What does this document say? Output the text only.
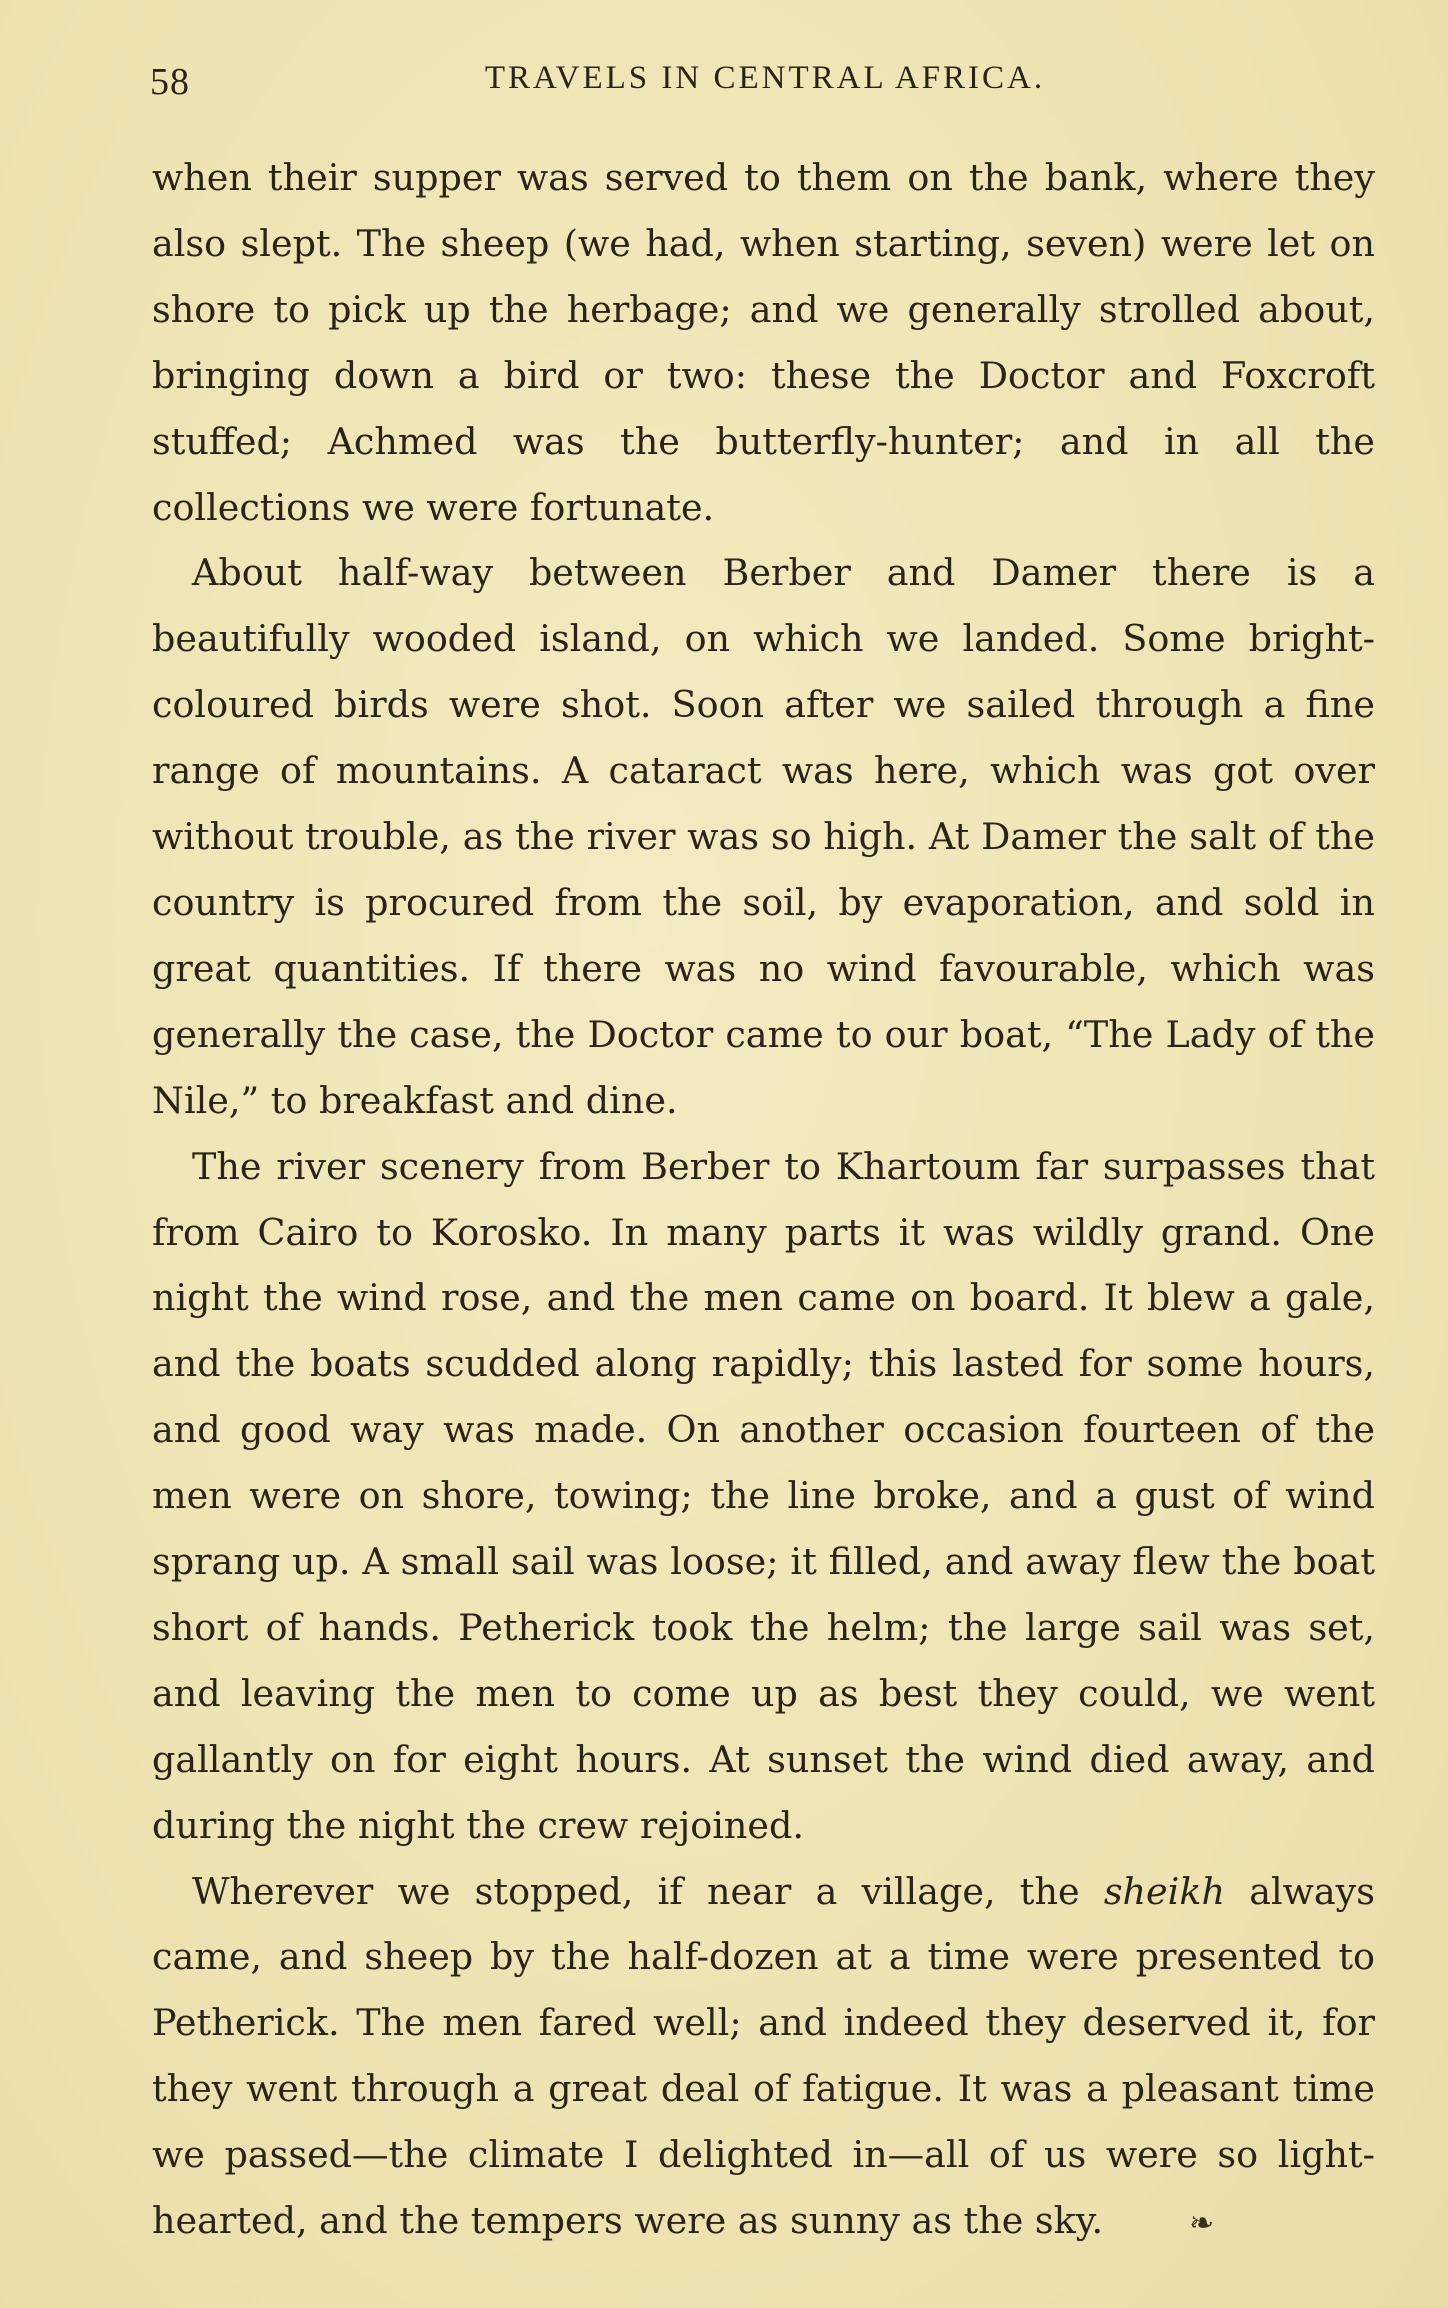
58	TRAVELS IN CENTRAL AFRICA.

when their supper was served to them on the bank, where they also slept. The sheep (we had, when starting, seven) were let on shore to pick up the herbage; and we generally strolled about, bringing down a bird or two: these the Doctor and Foxcroft stuffed; Achmed was the butterfly-hunter; and in all the collections we were fortunate.

About half-way between Berber and Damer there is a beautifully wooded island, on which we landed. Some bright-coloured birds were shot. Soon after we sailed through a fine range of mountains. A cataract was here, which was got over without trouble, as the river was so high. At Damer the salt of the country is procured from the soil, by evaporation, and sold in great quantities. If there was no wind favourable, which was generally the case, the Doctor came to our boat, “The Lady of the Nile,” to breakfast and dine.

The river scenery from Berber to Khartoum far surpasses that from Cairo to Korosko. In many parts it was wildly grand. One night the wind rose, and the men came on board. It blew a gale, and the boats scudded along rapidly; this lasted for some hours, and good way was made. On another occasion fourteen of the men were on shore, towing; the line broke, and a gust of wind sprang up. A small sail was loose; it filled, and away flew the boat short of hands. Petherick took the helm; the large sail was set, and leaving the men to come up as best they could, we went gallantly on for eight hours. At sunset the wind died away, and during the night the crew rejoined.

Wherever we stopped, if near a village, the sheikh always came, and sheep by the half-dozen at a time were presented to Petherick. The men fared well; and indeed they deserved it, for they went through a great deal of fatigue. It was a pleasant time we passed—the climate I delighted in—all of us were so light-hearted, and the tempers were as sunny as the sky.	❧
